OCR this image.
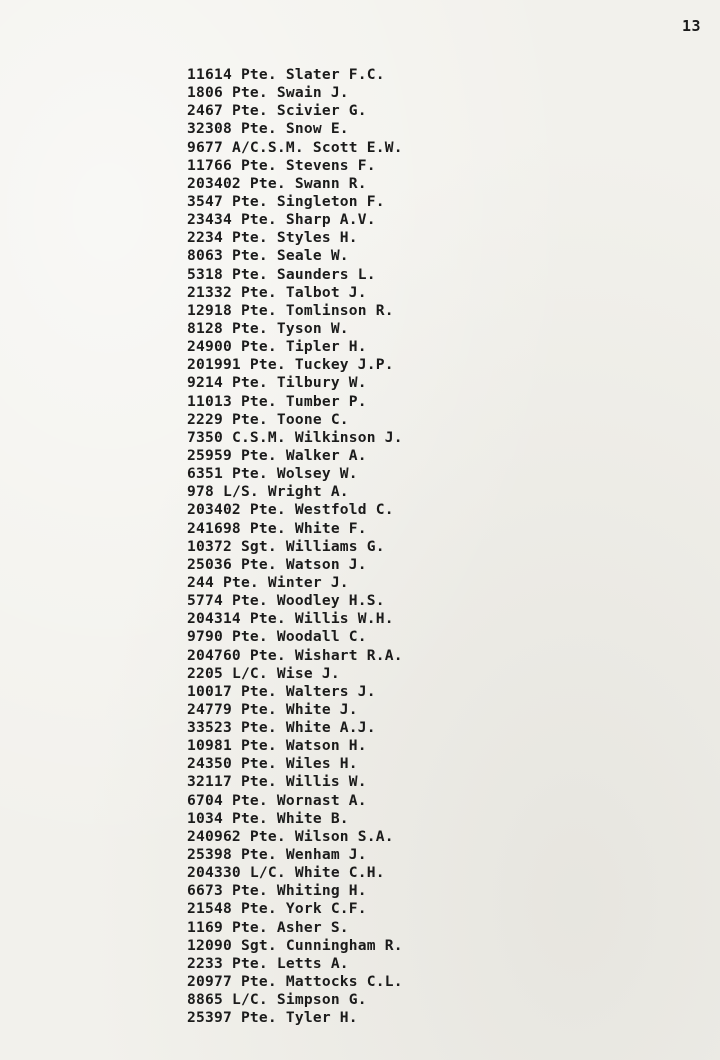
13
11614 Pte. Slater F.C.
1806 Pte. Swain J.
2467 Pte. Scivier G.
32308 Pte. Snow E.
9677 A/C.S.M. Scott E.W.
11766 Pte. Stevens F.
203402 Pte. Swann R.
3547 Pte. Singleton F.
23434 Pte. Sharp A.V.
2234 Pte. Styles H.
8063 Pte. Seale W.
5318 Pte. Saunders L.
21332 Pte. Talbot J.
12918 Pte. Tomlinson R.
8128 Pte. Tyson W.
24900 Pte. Tipler H.
201991 Pte. Tuckey J.P.
9214 Pte. Tilbury W.
11013 Pte. Tumber P.
2229 Pte. Toone C.
7350 C.S.M. Wilkinson J.
25959 Pte. Walker A.
6351 Pte. Wolsey W.
978 L/S. Wright A.
203402 Pte. Westfold C.
241698 Pte. White F.
10372 Sgt. Williams G.
25036 Pte. Watson J.
244 Pte. Winter J.
5774 Pte. Woodley H.S.
204314 Pte. Willis W.H.
9790 Pte. Woodall C.
204760 Pte. Wishart R.A.
2205 L/C. Wise J.
10017 Pte. Walters J.
24779 Pte. White J.
33523 Pte. White A.J.
10981 Pte. Watson H.
24350 Pte. Wiles H.
32117 Pte. Willis W.
6704 Pte. Wornast A.
1034 Pte. White B.
240962 Pte. Wilson S.A.
25398 Pte. Wenham J.
204330 L/C. White C.H.
6673 Pte. Whiting H.
21548 Pte. York C.F.
1169 Pte. Asher S.
12090 Sgt. Cunningham R.
2233 Pte. Letts A.
20977 Pte. Mattocks C.L.
8865 L/C. Simpson G.
25397 Pte. Tyler H.
